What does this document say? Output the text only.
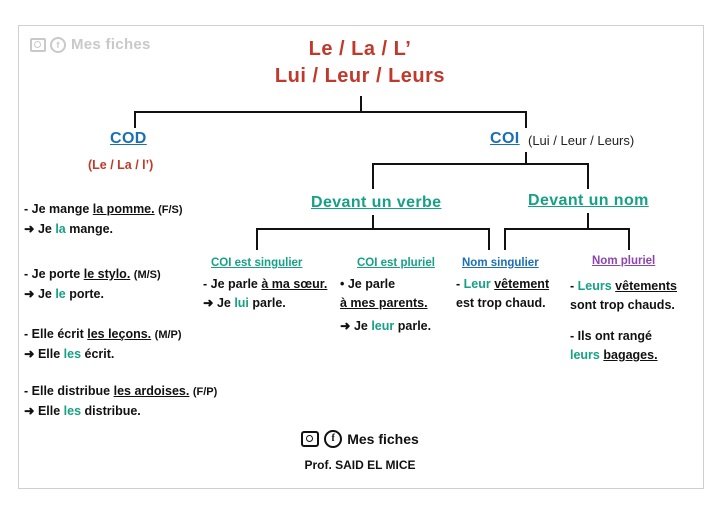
f Mes fiches	Le / La / L’
Lui / Leur / Leurs
COD
(Le / La / l’)
COI (Lui / Leur / Leurs)
Devant un verbe	Devant un nom
- Je mange la pomme. (F/S)
➜ Je la mange.
- Je porte le stylo. (M/S)
➜ Je le porte.
- Elle écrit les leçons. (M/P)
➜ Elle les écrit.
- Elle distribue les ardoises. (F/P)
➜ Elle les distribue.
COI est singulier
- Je parle à ma sœur.
➜ Je lui parle.
COI est pluriel
• Je parle
à mes parents.
➜ Je leur parle.
Nom singulier
- Leur vêtement
est trop chaud.
Nom pluriel
- Leurs vêtements
sont trop chauds.
- Ils ont rangé
leurs bagages.
f Mes fiches
Prof. SAID EL MICE
